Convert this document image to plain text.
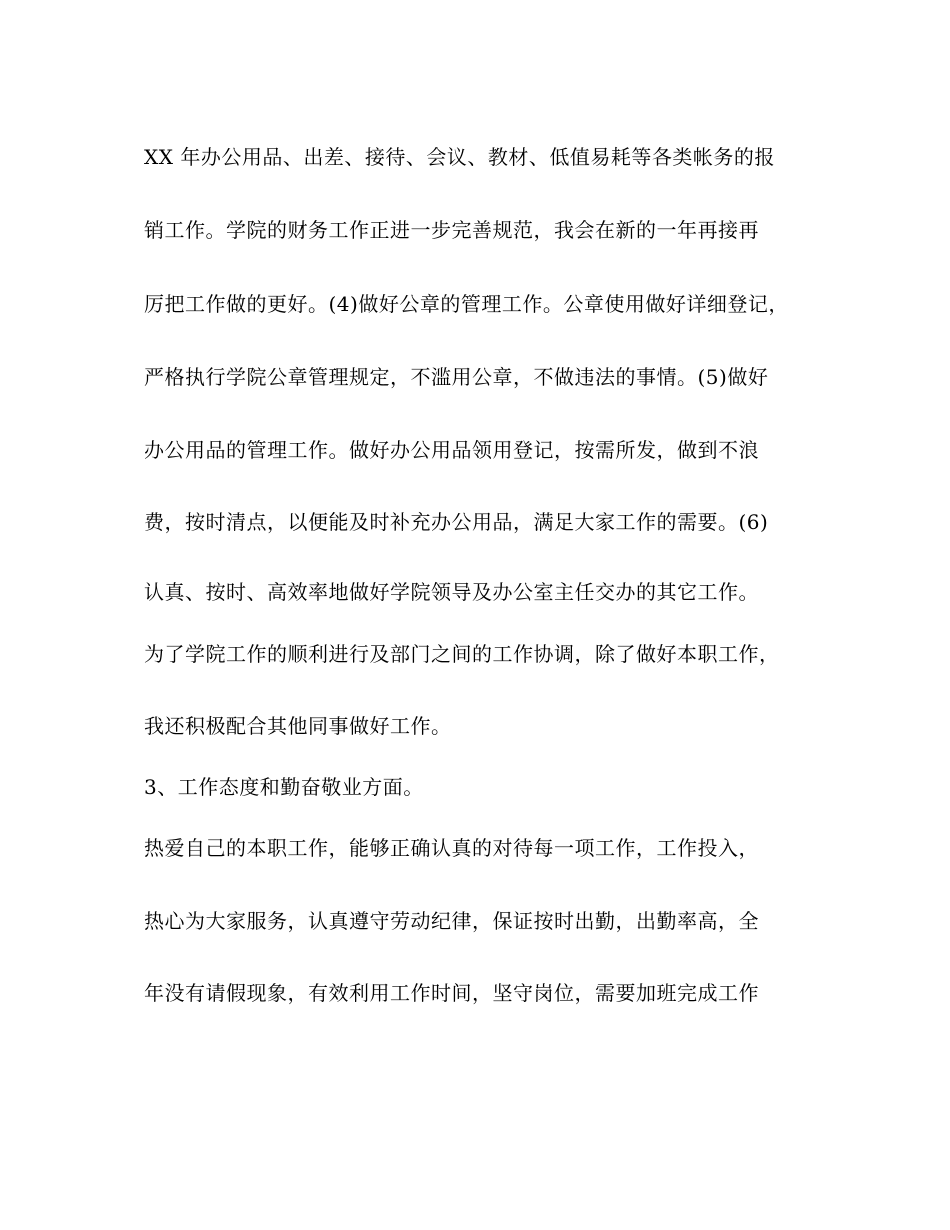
XX 年办公用品、出差、接待、会议、教材、低值易耗等各类帐务的报
销工作。学院的财务工作正进一步完善规范，我会在新的一年再接再
厉把工作做的更好。(4)做好公章的管理工作。公章使用做好详细登记，
严格执行学院公章管理规定，不滥用公章，不做违法的事情。(5)做好
办公用品的管理工作。做好办公用品领用登记，按需所发，做到不浪
费，按时清点，以便能及时补充办公用品，满足大家工作的需要。(6)
认真、按时、高效率地做好学院领导及办公室主任交办的其它工作。
为了学院工作的顺利进行及部门之间的工作协调，除了做好本职工作，
我还积极配合其他同事做好工作。
3、工作态度和勤奋敬业方面。
热爱自己的本职工作，能够正确认真的对待每一项工作，工作投入，
热心为大家服务，认真遵守劳动纪律，保证按时出勤，出勤率高，全
年没有请假现象，有效利用工作时间，坚守岗位，需要加班完成工作
